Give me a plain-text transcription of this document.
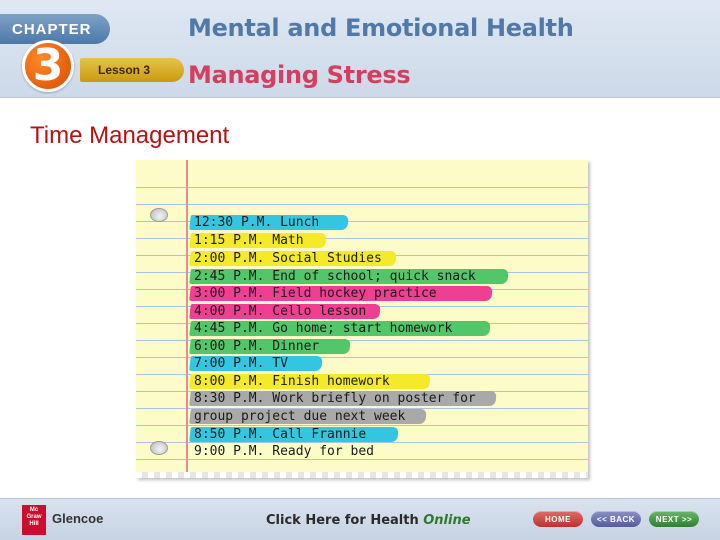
CHAPTER
Lesson 3
3
Mental and Emotional Health
Managing Stress
Time Management
12:30 P.M. Lunch
1:15 P.M. Math
2:00 P.M. Social Studies
2:45 P.M. End of school; quick snack
3:00 P.M. Field hockey practice
4:00 P.M. Cello lesson
4:45 P.M. Go home; start homework
6:00 P.M. Dinner
7:00 P.M. TV
8:00 P.M. Finish homework
8:30 P.M. Work briefly on poster for
group project due next week
8:50 P.M. Call Frannie
9:00 P.M. Ready for bed
Mc Graw Hill	Glencoe	Click Here for Health Online	HOME	<< BACK	NEXT >>
